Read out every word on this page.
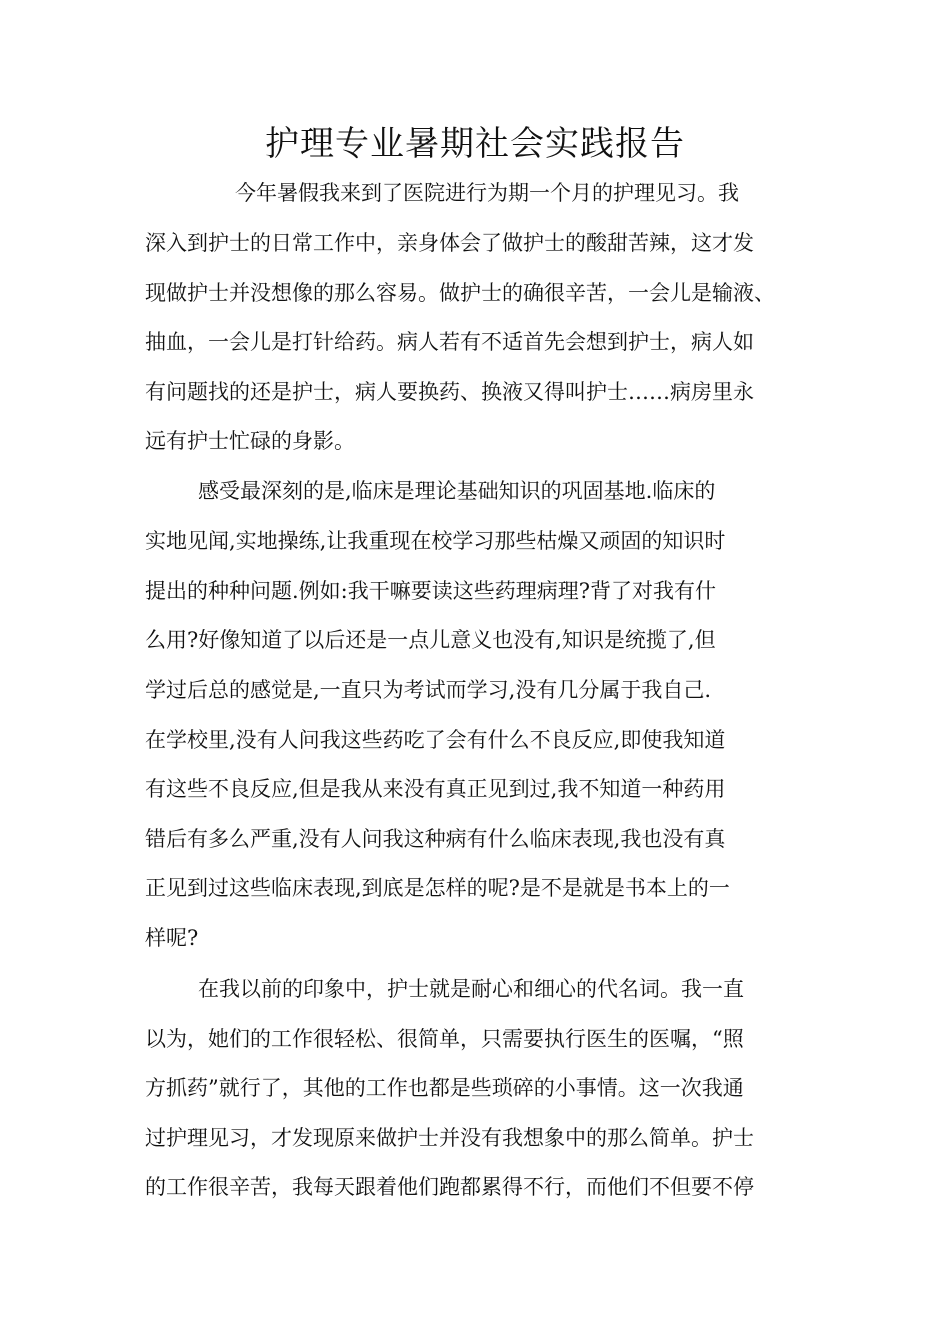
护理专业暑期社会实践报告
今年暑假我来到了医院进行为期一个月的护理见习。我
深入到护士的日常工作中，亲身体会了做护士的酸甜苦辣，这才发
现做护士并没想像的那么容易。做护士的确很辛苦，一会儿是输液、
抽血，一会儿是打针给药。病人若有不适首先会想到护士，病人如
有问题找的还是护士，病人要换药、换液又得叫护士……病房里永
远有护士忙碌的身影。
感受最深刻的是,临床是理论基础知识的巩固基地.临床的
实地见闻,实地操练,让我重现在校学习那些枯燥又顽固的知识时
提出的种种问题.例如:我干嘛要读这些药理病理?背了对我有什
么用?好像知道了以后还是一点儿意义也没有,知识是统揽了,但
学过后总的感觉是,一直只为考试而学习,没有几分属于我自己.
在学校里,没有人问我这些药吃了会有什么不良反应,即使我知道
有这些不良反应,但是我从来没有真正见到过,我不知道一种药用
错后有多么严重,没有人问我这种病有什么临床表现,我也没有真
正见到过这些临床表现,到底是怎样的呢?是不是就是书本上的一
样呢?
在我以前的印象中，护士就是耐心和细心的代名词。我一直
以为，她们的工作很轻松、很简单，只需要执行医生的医嘱，“照
方抓药”就行了，其他的工作也都是些琐碎的小事情。这一次我通
过护理见习，才发现原来做护士并没有我想象中的那么简单。护士
的工作很辛苦，我每天跟着他们跑都累得不行，而他们不但要不停
